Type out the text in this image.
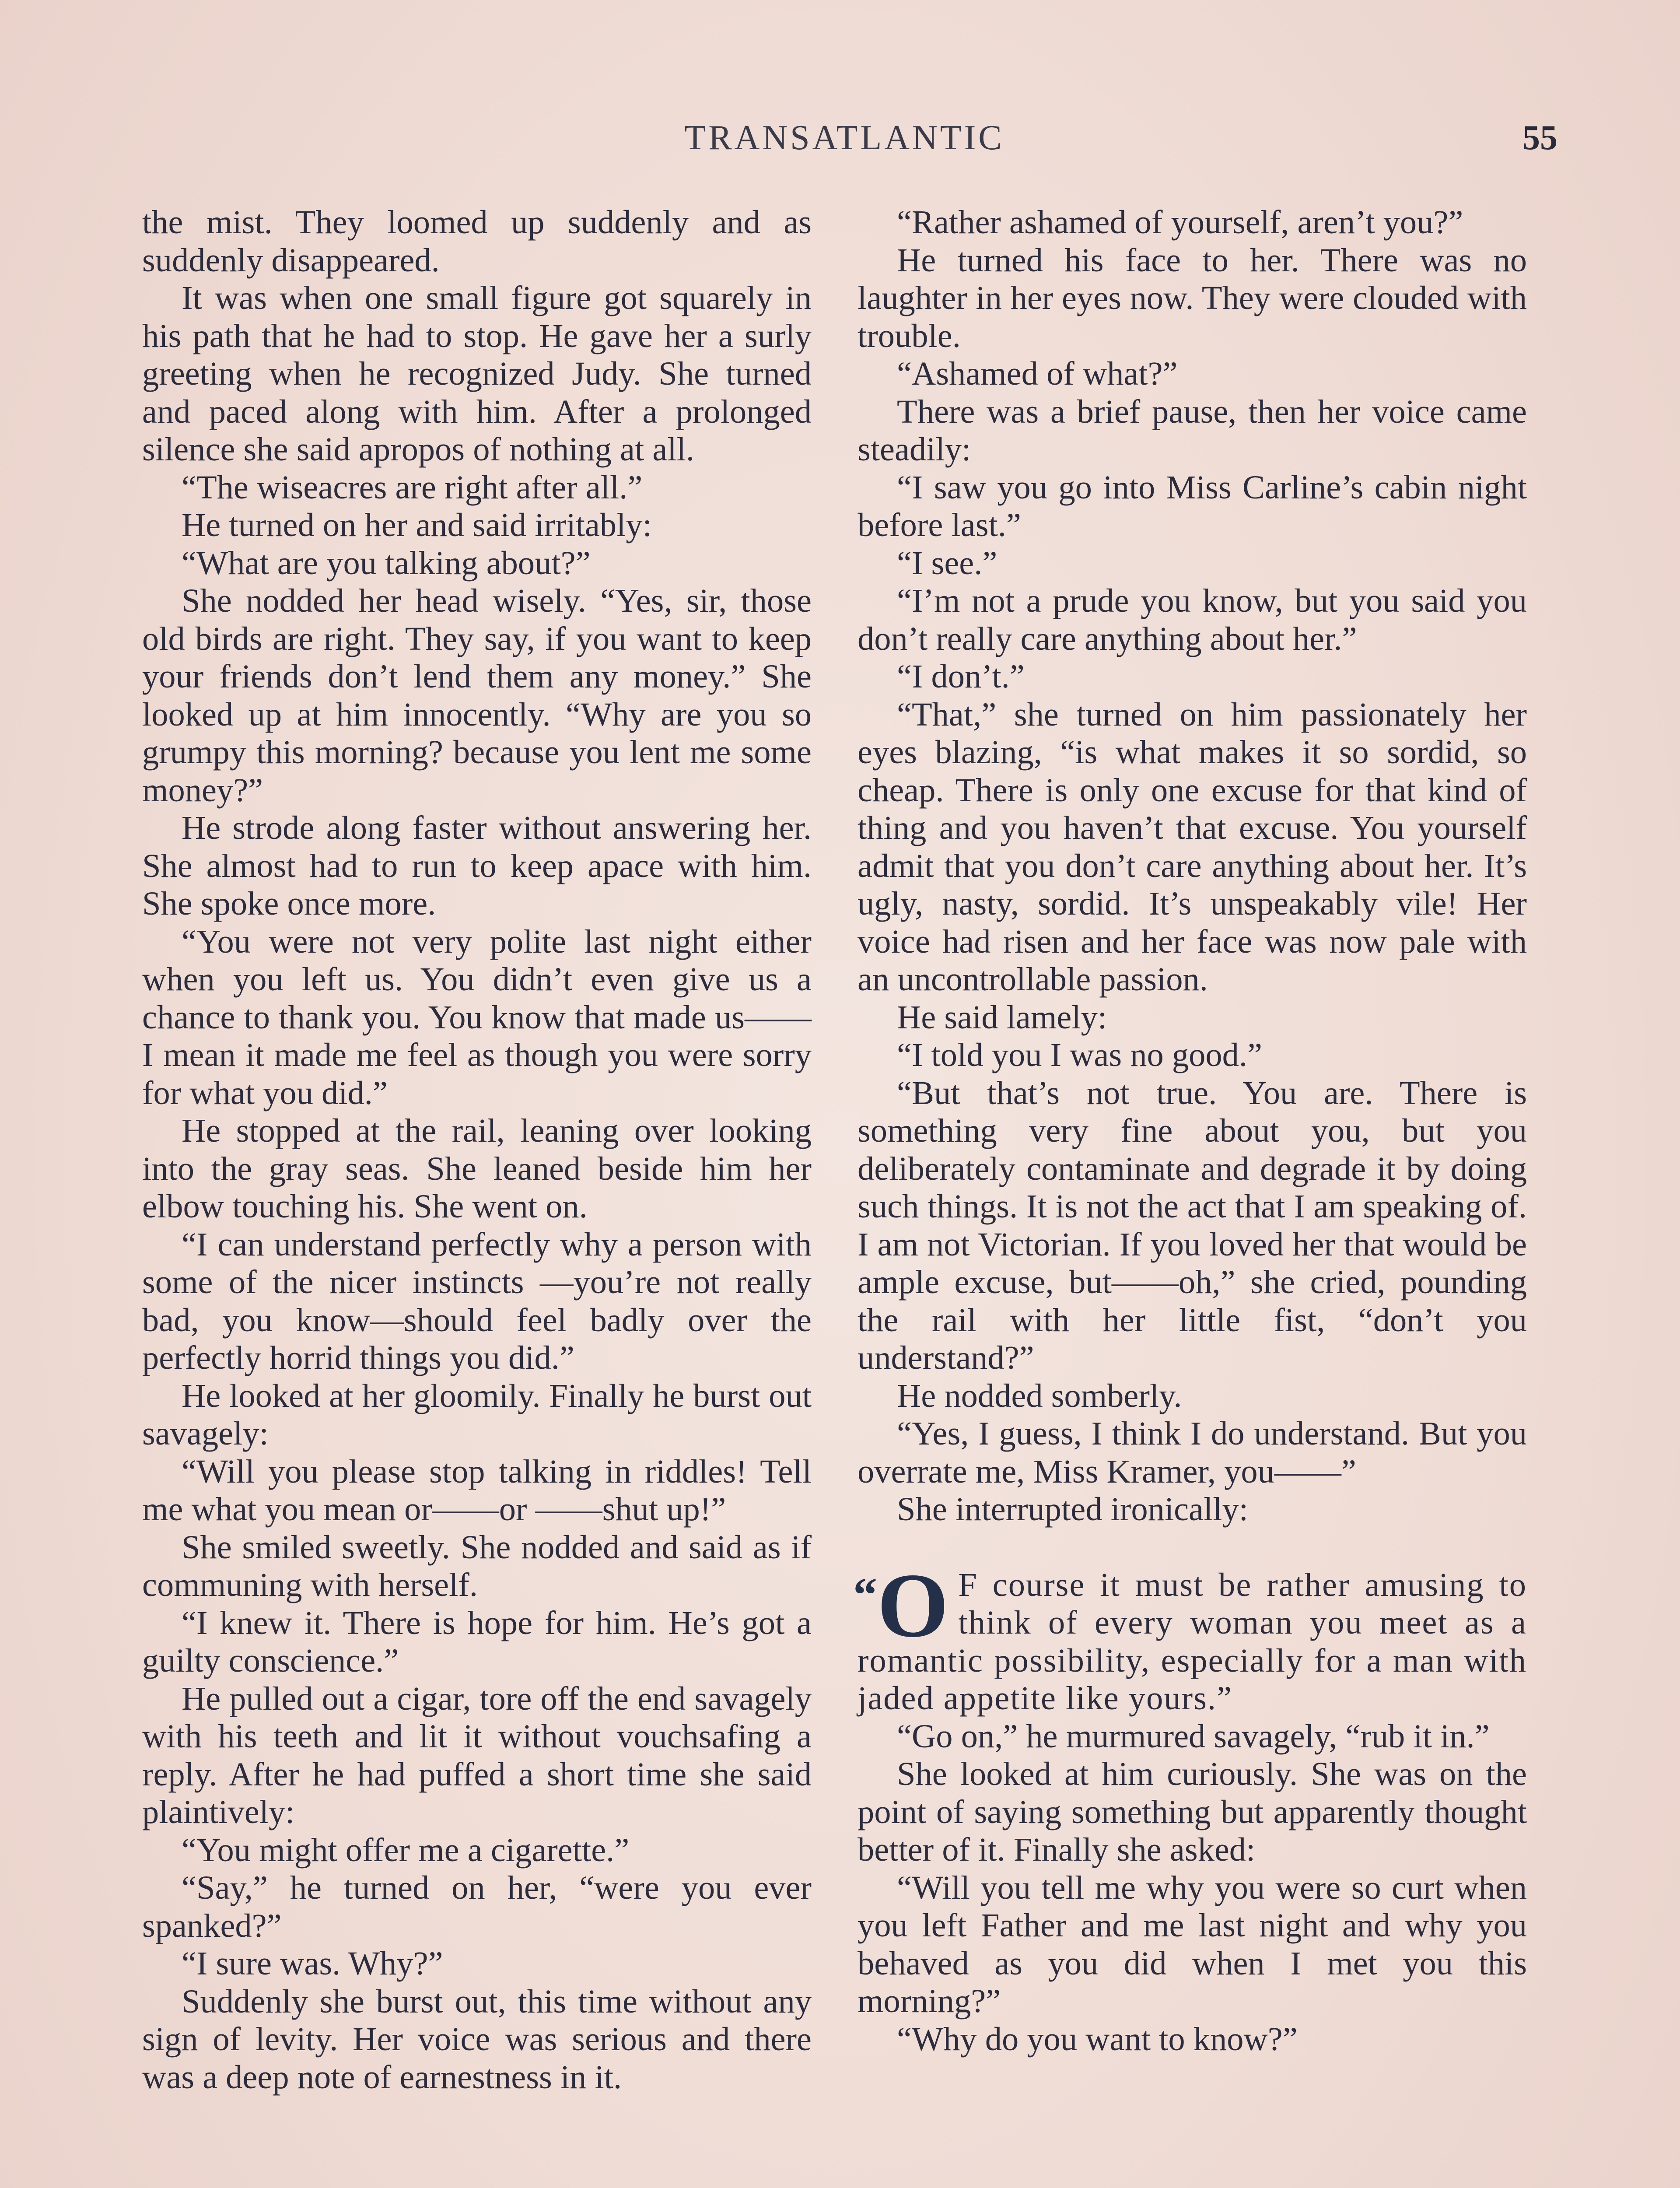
TRANSATLANTIC	55

the mist. They loomed up suddenly and as suddenly disappeared.

It was when one small figure got squarely in his path that he had to stop. He gave her a surly greeting when he recognized Judy. She turned and paced along with him. After a prolonged silence she said apropos of nothing at all.

“The wiseacres are right after all.”

He turned on her and said irritably:

“What are you talking about?”

She nodded her head wisely. “Yes, sir, those old birds are right. They say, if you want to keep your friends don’t lend them any money.” She looked up at him innocently. “Why are you so grumpy this morning? because you lent me some money?”

He strode along faster without answering her. She almost had to run to keep apace with him. She spoke once more.

“You were not very polite last night either when you left us. You didn’t even give us a chance to thank you. You know that made us——I mean it made me feel as though you were sorry for what you did.”

He stopped at the rail, leaning over looking into the gray seas. She leaned beside him her elbow touching his. She went on.

“I can understand perfectly why a person with some of the nicer instincts —you’re not really bad, you know—should feel badly over the perfectly horrid things you did.”

He looked at her gloomily. Finally he burst out savagely:

“Will you please stop talking in riddles! Tell me what you mean or——or ——shut up!”

She smiled sweetly. She nodded and said as if communing with herself.

“I knew it. There is hope for him. He’s got a guilty conscience.”

He pulled out a cigar, tore off the end savagely with his teeth and lit it without vouchsafing a reply. After he had puffed a short time she said plaintively:

“You might offer me a cigarette.”

“Say,” he turned on her, “were you ever spanked?”

“I sure was. Why?”

Suddenly she burst out, this time without any sign of levity. Her voice was serious and there was a deep note of earnestness in it.

“Rather ashamed of yourself, aren’t you?”

He turned his face to her. There was no laughter in her eyes now. They were clouded with trouble.

“Ashamed of what?”

There was a brief pause, then her voice came steadily:

“I saw you go into Miss Carline’s cabin night before last.”

“I see.”

“I’m not a prude you know, but you said you don’t really care anything about her.”

“I don’t.”

“That,” she turned on him passionately her eyes blazing, “is what makes it so sordid, so cheap. There is only one excuse for that kind of thing and you haven’t that excuse. You yourself admit that you don’t care anything about her. It’s ugly, nasty, sordid. It’s unspeakably vile! Her voice had risen and her face was now pale with an uncontrollable passion.

He said lamely:

“I told you I was no good.”

“But that’s not true. You are. There is something very fine about you, but you deliberately contaminate and degrade it by doing such things. It is not the act that I am speaking of. I am not Victorian. If you loved her that would be ample excuse, but——oh,” she cried, pounding the rail with her little fist, “don’t you understand?”

He nodded somberly.

“Yes, I guess, I think I do understand. But you overrate me, Miss Kramer, you——”

She interrupted ironically:

“O F course it must be rather amusing to think of every woman you meet as a romantic possibility, especially for a man with jaded appetite like yours.”

“Go on,” he murmured savagely, “rub it in.”

She looked at him curiously. She was on the point of saying something but apparently thought better of it. Finally she asked:

“Will you tell me why you were so curt when you left Father and me last night and why you behaved as you did when I met you this morning?”

“Why do you want to know?”
